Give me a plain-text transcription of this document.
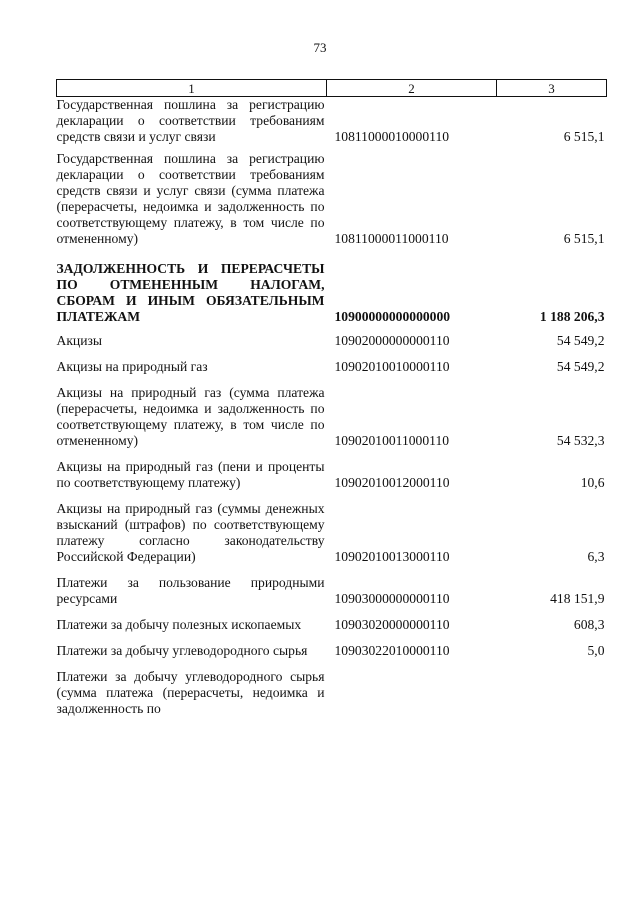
73
1	2	3
Государственная пошлина за регистрацию декларации о соответствии требованиям средств связи и услуг связи	10811000010000110	6 515,1
Государственная пошлина за регистрацию декларации о соответствии требованиям средств связи и услуг связи (сумма платежа (перерасчеты, недоимка и задолженность по соответствующему платежу, в том числе по отмененному)	10811000011000110	6 515,1
ЗАДОЛЖЕННОСТЬ И ПЕРЕРАСЧЕТЫ ПО ОТМЕНЕННЫМ НАЛОГАМ, СБОРАМ И ИНЫМ ОБЯЗАТЕЛЬНЫМ ПЛАТЕЖАМ	10900000000000000	1 188 206,3
Акцизы	10902000000000110	54 549,2
Акцизы на природный газ	10902010010000110	54 549,2
Акцизы на природный газ (сумма платежа (перерасчеты, недоимка и задолженность по соответствующему платежу, в том числе по отмененному)	10902010011000110	54 532,3
Акцизы на природный газ (пени и проценты по соответствующему платежу)	10902010012000110	10,6
Акцизы на природный газ (суммы денежных взысканий (штрафов) по соответствующему платежу согласно законодательству Российской Федерации)	10902010013000110	6,3
Платежи за пользование природными ресурсами	10903000000000110	418 151,9
Платежи за добычу полезных ископаемых	10903020000000110	608,3
Платежи за добычу углеводородного сырья	10903022010000110	5,0
Платежи за добычу углеводородного сырья (сумма платежа (перерасчеты, недоимка и задолженность по		
